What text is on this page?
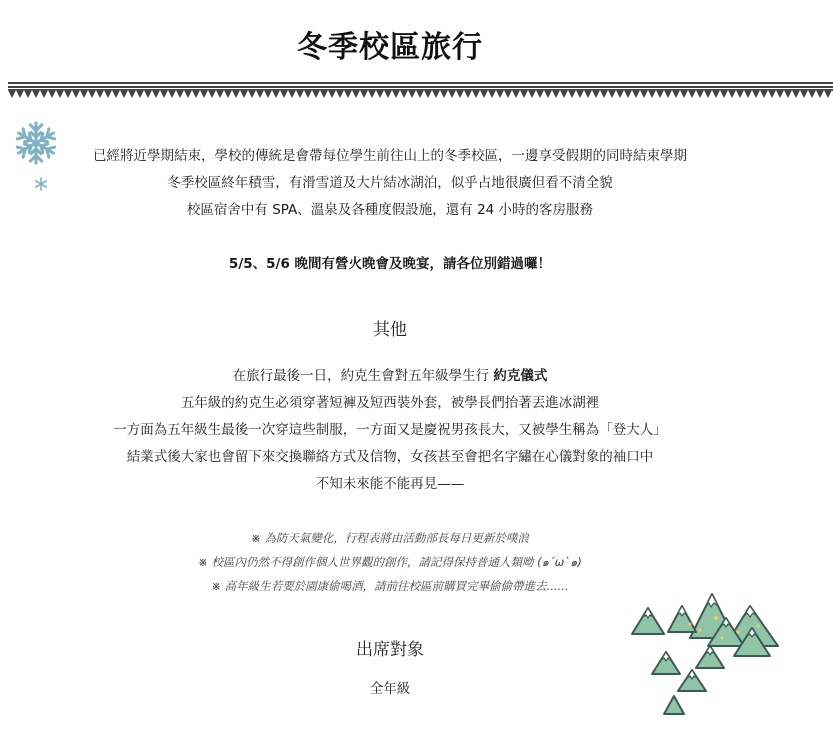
冬季校區旅行
已經將近學期結束，學校的傳統是會帶每位學生前往山上的冬季校區，一邊享受假期的同時結束學期
冬季校區終年積雪，有滑雪道及大片結冰湖泊，似乎占地很廣但看不清全貌
校區宿舍中有 SPA、溫泉及各種度假設施，還有 24 小時的客房服務
5/5、5/6 晚間有營火晚會及晚宴，請各位別錯過囉！
其他
在旅行最後一日，約克生會對五年級學生行 約克儀式
五年級的約克生必須穿著短褲及短西裝外套，被學長們抬著丟進冰湖裡
一方面為五年級生最後一次穿這些制服，一方面又是慶祝男孩長大，又被學生稱為「登大人」
結業式後大家也會留下來交換聯絡方式及信物，女孩甚至會把名字繡在心儀對象的袖口中
不知未來能不能再見——
※ 為防天氣變化，行程表將由活動部長每日更新於噗浪
※ 校區內仍然不得創作個人世界觀的創作，請記得保持普通人類呦 (๑´ω`๑)
※ 高年級生若要於園康偷喝酒，請前往校區前購買完畢偷偷帶進去......
出席對象
全年級
